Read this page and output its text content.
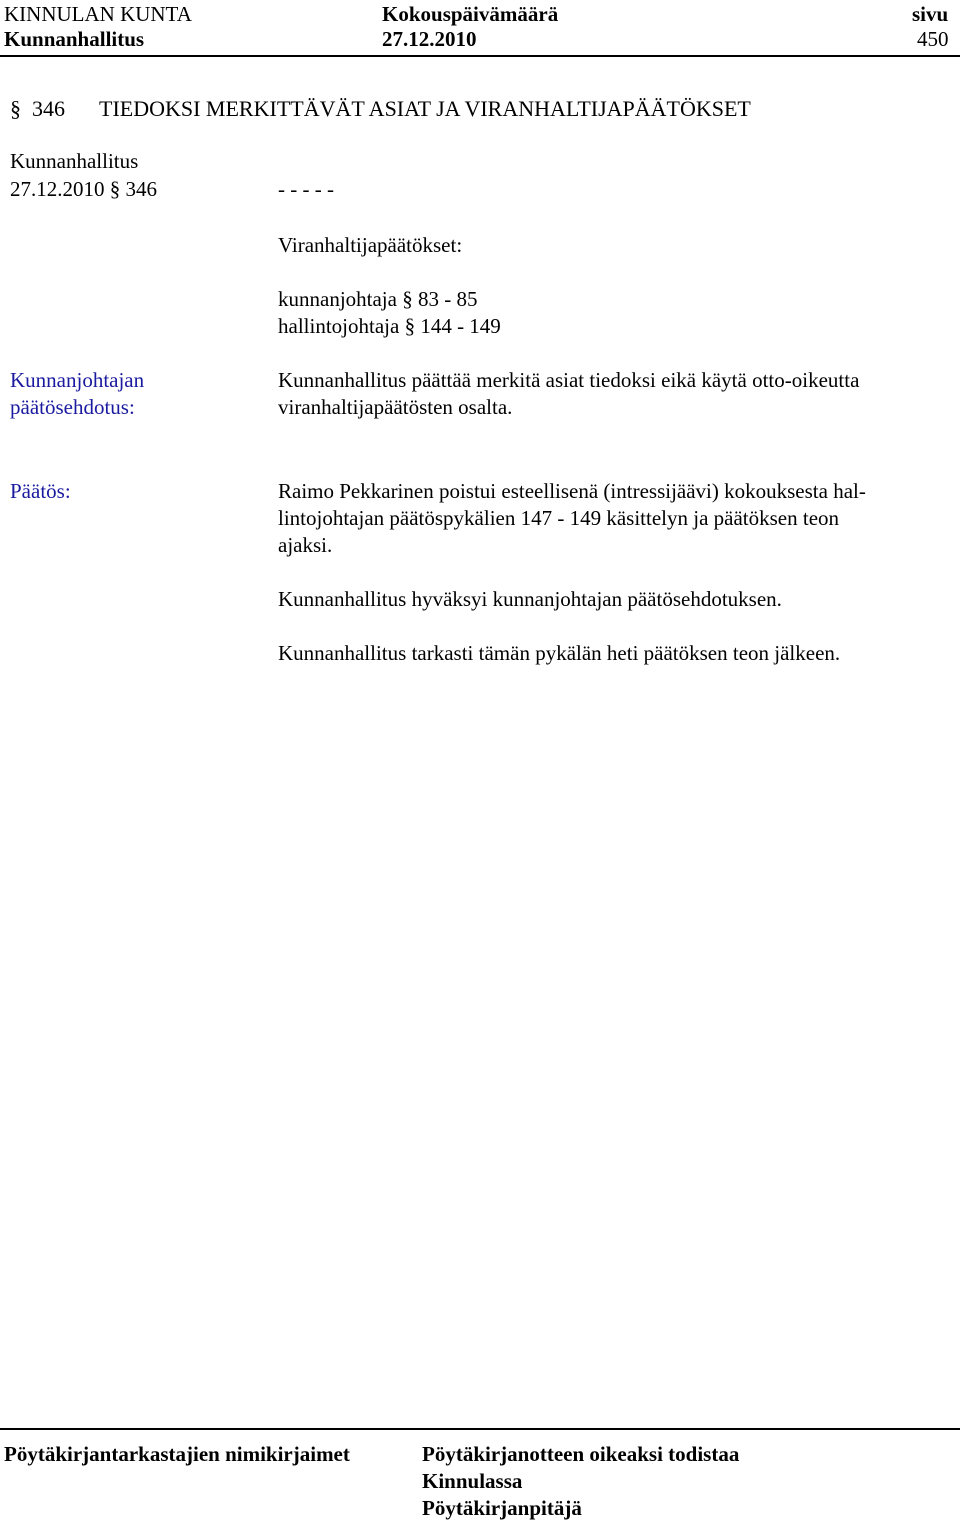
KINNULAN KUNTA
Kunnanhallitus
Kokouspäivämäärä
27.12.2010
sivu
450
§ 346 TIEDOKSI MERKITTÄVÄT ASIAT JA VIRANHALTIJAPÄÄTÖKSET
Kunnanhallitus
27.12.2010 § 346	- - - - -
Viranhaltijapäätökset:
kunnanjohtaja § 83 - 85
hallintojohtaja § 144 - 149
Kunnanjohtajan
päätösehdotus:
Kunnanhallitus päättää merkitä asiat tiedoksi eikä käytä otto-oikeutta
viranhaltijapäätösten osalta.
Päätös:	Raimo Pekkarinen poistui esteellisenä (intressijäävi) kokouksesta hal-
lintojohtajan päätöspykälien 147 - 149 käsittelyn ja päätöksen teon
ajaksi.
Kunnanhallitus hyväksyi kunnanjohtajan päätösehdotuksen.
Kunnanhallitus tarkasti tämän pykälän heti päätöksen teon jälkeen.
Pöytäkirjantarkastajien nimikirjaimet	Pöytäkirjanotteen oikeaksi todistaa
Kinnulassa
Pöytäkirjanpitäjä
